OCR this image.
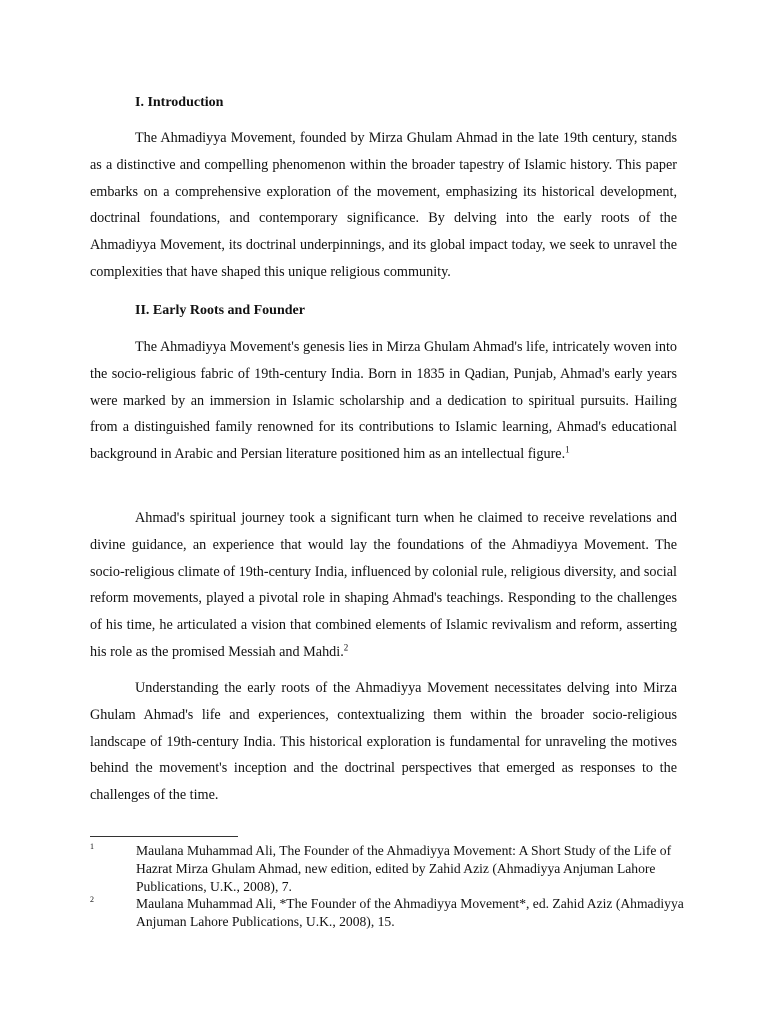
I. Introduction

The Ahmadiyya Movement, founded by Mirza Ghulam Ahmad in the late 19th century, stands as a distinctive and compelling phenomenon within the broader tapestry of Islamic history. This paper embarks on a comprehensive exploration of the movement, emphasizing its historical development, doctrinal foundations, and contemporary significance. By delving into the early roots of the Ahmadiyya Movement, its doctrinal underpinnings, and its global impact today, we seek to unravel the complexities that have shaped this unique religious community.

II. Early Roots and Founder

The Ahmadiyya Movement's genesis lies in Mirza Ghulam Ahmad's life, intricately woven into the socio-religious fabric of 19th-century India. Born in 1835 in Qadian, Punjab, Ahmad's early years were marked by an immersion in Islamic scholarship and a dedication to spiritual pursuits. Hailing from a distinguished family renowned for its contributions to Islamic learning, Ahmad's educational background in Arabic and Persian literature positioned him as an intellectual figure.$^1$

Ahmad's spiritual journey took a significant turn when he claimed to receive revelations and divine guidance, an experience that would lay the foundations of the Ahmadiyya Movement. The socio-religious climate of 19th-century India, influenced by colonial rule, religious diversity, and social reform movements, played a pivotal role in shaping Ahmad's teachings. Responding to the challenges of his time, he articulated a vision that combined elements of Islamic revivalism and reform, asserting his role as the promised Messiah and Mahdi.$^2$

Understanding the early roots of the Ahmadiyya Movement necessitates delving into Mirza Ghulam Ahmad's life and experiences, contextualizing them within the broader socio-religious landscape of 19th-century India. This historical exploration is fundamental for unraveling the motives behind the movement's inception and the doctrinal perspectives that emerged as responses to the challenges of the time.

1	Maulana Muhammad Ali, The Founder of the Ahmadiyya Movement: A Short Study of the Life of Hazrat Mirza Ghulam Ahmad, new edition, edited by Zahid Aziz (Ahmadiyya Anjuman Lahore Publications, U.K., 2008), 7.
2	Maulana Muhammad Ali, *The Founder of the Ahmadiyya Movement*, ed. Zahid Aziz (Ahmadiyya Anjuman Lahore Publications, U.K., 2008), 15.
